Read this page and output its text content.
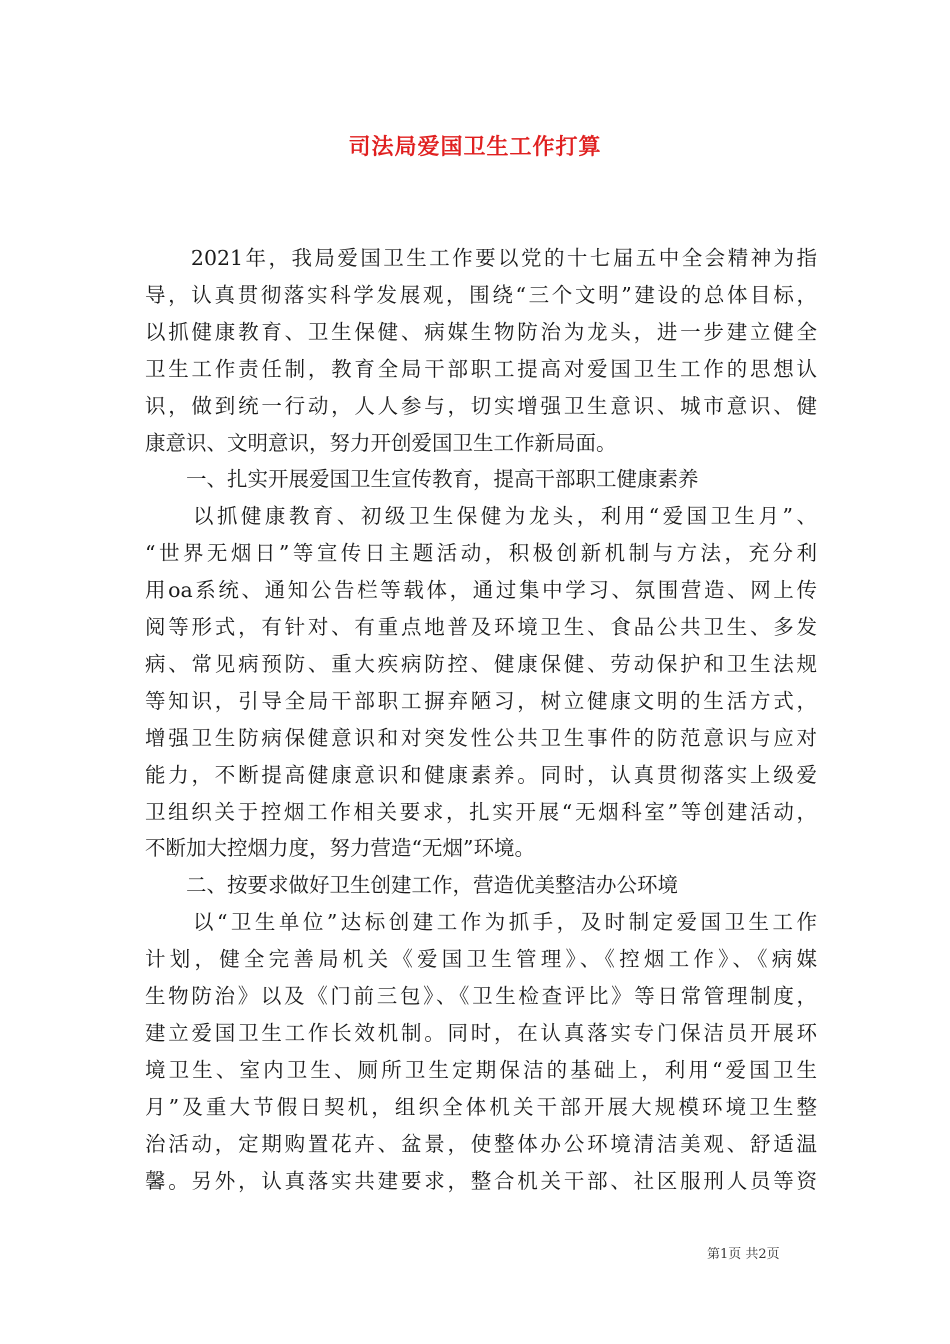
司法局爱国卫生工作打算
　　2021年，我局爱国卫生工作要以党的十七届五中全会精神为指
导，认真贯彻落实科学发展观，围绕“三个文明”建设的总体目标，
以抓健康教育、卫生保健、病媒生物防治为龙头，进一步建立健全
卫生工作责任制，教育全局干部职工提高对爱国卫生工作的思想认
识，做到统一行动，人人参与，切实增强卫生意识、城市意识、健
康意识、文明意识，努力开创爱国卫生工作新局面。
　　一、扎实开展爱国卫生宣传教育，提高干部职工健康素养
　　以抓健康教育、初级卫生保健为龙头，利用“爱国卫生月”、
“世界无烟日”等宣传日主题活动，积极创新机制与方法，充分利
用oa系统、通知公告栏等载体，通过集中学习、氛围营造、网上传
阅等形式，有针对、有重点地普及环境卫生、食品公共卫生、多发
病、常见病预防、重大疾病防控、健康保健、劳动保护和卫生法规
等知识，引导全局干部职工摒弃陋习，树立健康文明的生活方式，
增强卫生防病保健意识和对突发性公共卫生事件的防范意识与应对
能力，不断提高健康意识和健康素养。同时，认真贯彻落实上级爱
卫组织关于控烟工作相关要求，扎实开展“无烟科室”等创建活动，
不断加大控烟力度，努力营造“无烟”环境。
　　二、按要求做好卫生创建工作，营造优美整洁办公环境
　　以“卫生单位”达标创建工作为抓手，及时制定爱国卫生工作
计划，健全完善局机关《爱国卫生管理》、《控烟工作》、《病媒
生物防治》以及《门前三包》、《卫生检查评比》等日常管理制度，
建立爱国卫生工作长效机制。同时，在认真落实专门保洁员开展环
境卫生、室内卫生、厕所卫生定期保洁的基础上，利用“爱国卫生
月”及重大节假日契机，组织全体机关干部开展大规模环境卫生整
治活动，定期购置花卉、盆景，使整体办公环境清洁美观、舒适温
馨。另外，认真落实共建要求，整合机关干部、社区服刑人员等资
第1页 共2页
